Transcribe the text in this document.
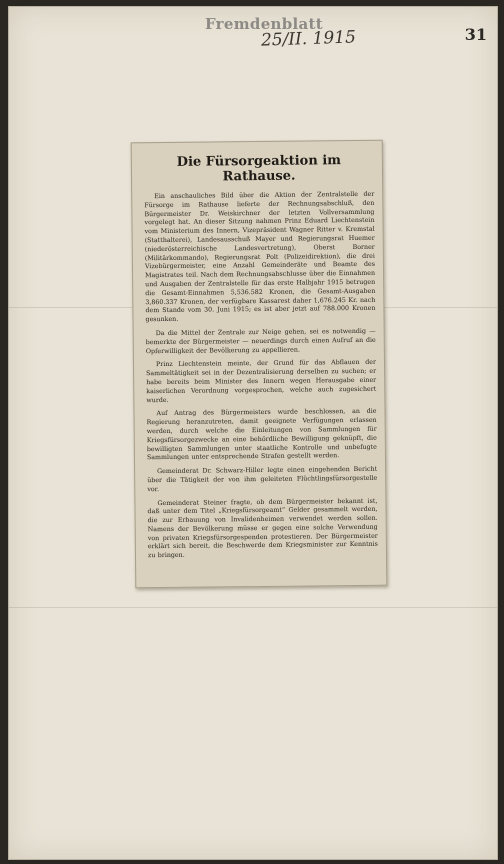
Fremdenblatt
25/II. 1915	31
Die Fürsorgeaktion im Rathause.

Ein anschauliches Bild über die Aktion der Zentralstelle der Fürsorge im Rathause lieferte der Rechnungsabschluß, den Bürgermeister Dr. Weiskirchner der letzten Vollversammlung vorgelegt hat. An dieser Sitzung nahmen Prinz Eduard Liechtenstein vom Ministerium des Innern, Vizepräsident Wagner Ritter v. Kremstal (Statthalterei), Landesausschuß Mayer und Regierungsrat Huemer (niederösterreichische Landesvertretung), Oberst Borner (Militärkommando), Regierungsrat Polt (Polizeidirektion), die drei Vizebürgermeister, eine Anzahl Gemeinderäte und Beamte des Magistrates teil. Nach dem Rechnungsabschlusse über die Einnahmen und Ausgaben der Zentralstelle für das erste Halbjahr 1915 betrugen die Gesamt-Einnahmen 5,536.582 Kronen, die Gesamt-Ausgaben 3,860.337 Kronen, der verfügbare Kassarest daher 1,676.245 Kr. nach dem Stande vom 30. Juni 1915; es ist aber jetzt auf 788.000 Kronen gesunken.

Da die Mittel der Zentrale zur Neige gehen, sei es notwendig — bemerkte der Bürgermeister — neuerdings durch einen Aufruf an die Opferwilligkeit der Bevölkerung zu appellieren.

Prinz Liechtenstein meinte, der Grund für das Abflauen der Sammeltätigkeit sei in der Dezentralisierung derselben zu suchen; er habe bereits beim Minister des Innern wegen Herausgabe einer kaiserlichen Verordnung vorgesprochen, welche auch zugesichert wurde.

Auf Antrag des Bürgermeisters wurde beschlossen, an die Regierung heranzutreten, damit geeignete Verfügungen erlassen werden, durch welche die Einleitungen von Sammlungen für Kriegsfürsorgezwecke an eine behördliche Bewilligung geknüpft, die bewilligten Sammlungen unter staatliche Kontrolle und unbefugte Sammlungen unter entsprechende Strafen gestellt werden.

Gemeinderat Dr. Schwarz-Hiller legte einen eingehenden Bericht über die Tätigkeit der von ihm geleiteten Flüchtlingsfürsorgestelle vor.

Gemeinderat Steiner fragte, ob dem Bürgermeister bekannt ist, daß unter dem Titel „Kriegsfürsorgeamt“ Gelder gesammelt werden, die zur Erbauung von Invalidenheimen verwendet werden sollen. Namens der Bevölkerung müsse er gegen eine solche Verwendung von privaten Kriegsfürsorgespenden protestieren. Der Bürgermeister erklärt sich bereit, die Beschwerde dem Kriegsminister zur Kenntnis zu bringen.
